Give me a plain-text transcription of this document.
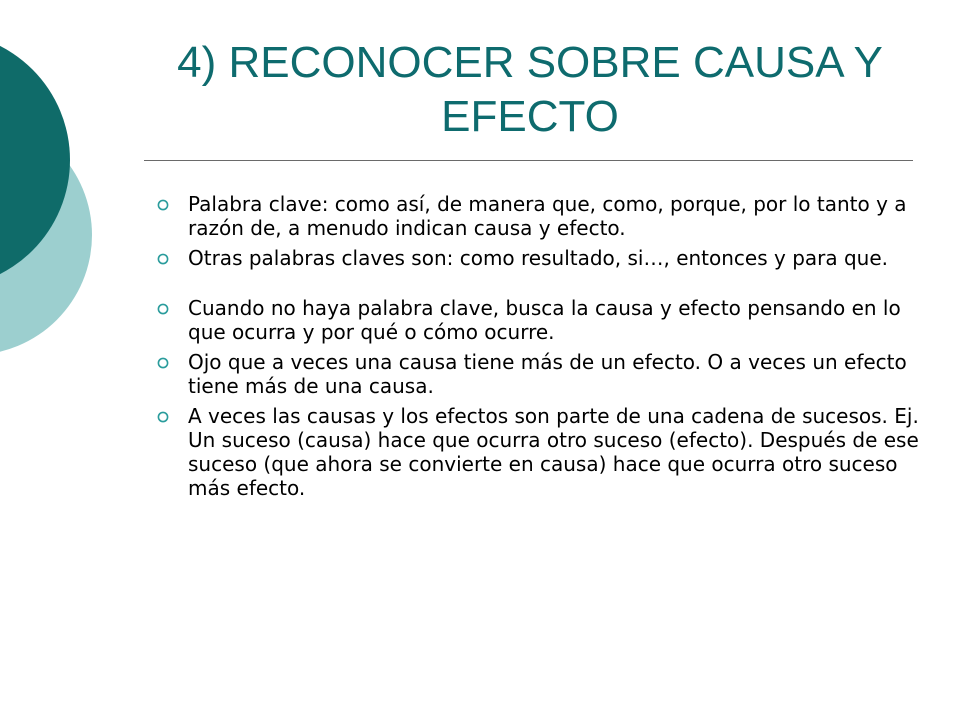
4) RECONOCER SOBRE CAUSA Y EFECTO
Palabra clave: como así, de manera que, como, porque, por lo tanto y a razón de, a menudo indican causa y efecto.
Otras palabras claves son: como resultado, si…, entonces y para que.
Cuando no haya palabra clave, busca la causa y efecto pensando en lo que ocurra y por qué o cómo ocurre.
Ojo que a veces una causa tiene más de un efecto. O a veces un efecto tiene más de una causa.
A veces las causas y los efectos son parte de una cadena de sucesos. Ej. Un suceso (causa) hace que ocurra otro suceso (efecto). Después de ese suceso (que ahora se convierte en causa) hace que ocurra otro suceso más efecto.
